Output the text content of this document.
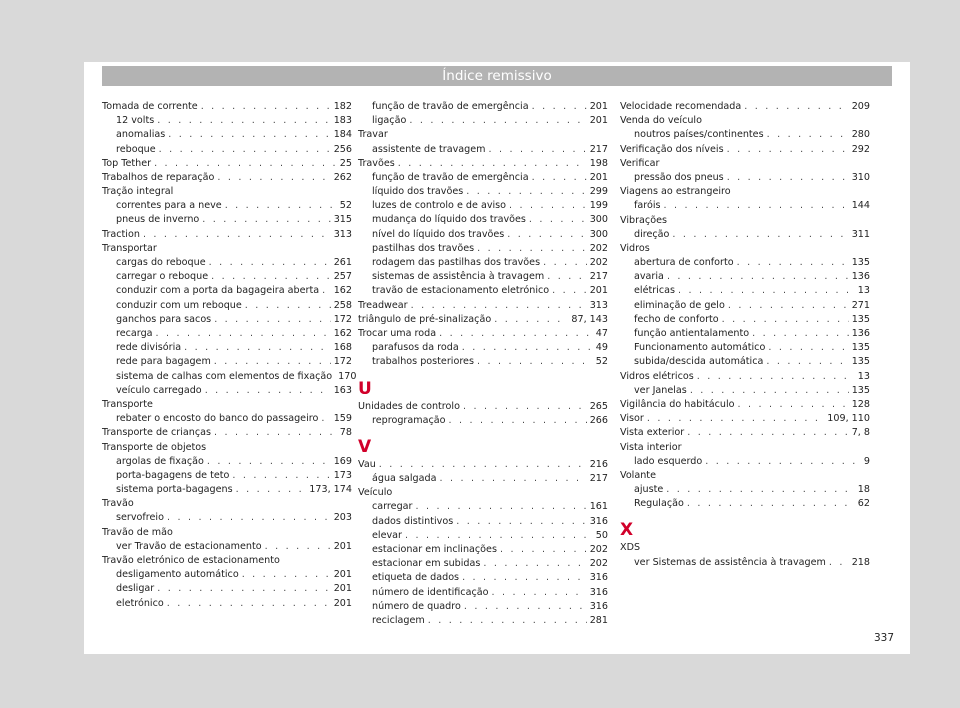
Índice remissivo
Tomada de corrente . . .	182
12 volts . . .	183
anomalias . . .	184
reboque . . .	256
Top Tether . . .	25
Trabalhos de reparação . . .	262
Tração integral
correntes para a neve . . .	52
pneus de inverno . . .	315
Traction . . .	313
Transportar
cargas do reboque . . .	261
carregar o reboque . . .	257
conduzir com a porta da bagageira aberta . . . 162
conduzir com um reboque . . .	258
ganchos para sacos . . .	172
recarga . . .	162
rede divisória . . .	168
rede para bagagem . . .	172
sistema de calhas com elementos de fixação 170
veículo carregado . . .	163
Transporte
rebater o encosto do banco do passageiro . . . 159
Transporte de crianças . . .	78
Transporte de objetos
argolas de fixação . . .	169
porta-bagagens de teto . . .	173
sistema porta-bagagens . . .	173, 174
Travão
servofreio . . .	203
Travão de mão
ver Travão de estacionamento . . .	201
Travão eletrónico de estacionamento
desligamento automático . . .	201
desligar . . .	201
eletrónico . . .	201
função de travão de emergência . . .	201
ligação . . .	201
Travar
assistente de travagem . . .	217
Travões . . .	198
função de travão de emergência . . .	201
líquido dos travões . . .	299
luzes de controlo e de aviso . . .	199
mudança do líquido dos travões . . .	300
nível do líquido dos travões . . .	300
pastilhas dos travões . . .	202
rodagem das pastilhas dos travões . . .	202
sistemas de assistência à travagem . . .	217
travão de estacionamento eletrónico . . .	201
Treadwear . . .	313
triângulo de pré-sinalização . . .	87, 143
Trocar uma roda . . .	47
parafusos da roda . . .	49
trabalhos posteriores . . .	52
U
Unidades de controlo . . .	265
reprogramação . . .	266
V
Vau . . .	216
água salgada . . .	217
Veículo
carregar . . .	161
dados distintivos . . .	316
elevar . . .	50
estacionar em inclinações . . .	202
estacionar em subidas . . .	202
etiqueta de dados . . .	316
número de identificação . . .	316
número de quadro . . .	316
reciclagem . . .	281
Velocidade recomendada . . .	209
Venda do veículo
noutros países/continentes . . .	280
Verificação dos níveis . . .	292
Verificar
pressão dos pneus . . .	310
Viagens ao estrangeiro
faróis . . .	144
Vibrações
direção . . .	311
Vidros
abertura de conforto . . .	135
avaria . . .	136
elétricas . . .	13
eliminação de gelo . . .	271
fecho de conforto . . .	135
função antientalamento . . .	136
Funcionamento automático . . .	135
subida/descida automática . . .	135
Vidros elétricos . . .	13
ver Janelas . . .	135
Vigilância do habitáculo . . .	128
Visor . . .	109, 110
Vista exterior . . .	7, 8
Vista interior
lado esquerdo . . .	9
Volante
ajuste . . .	18
Regulação . . .	62
X
XDS
ver Sistemas de assistência à travagem . . .	218
337
